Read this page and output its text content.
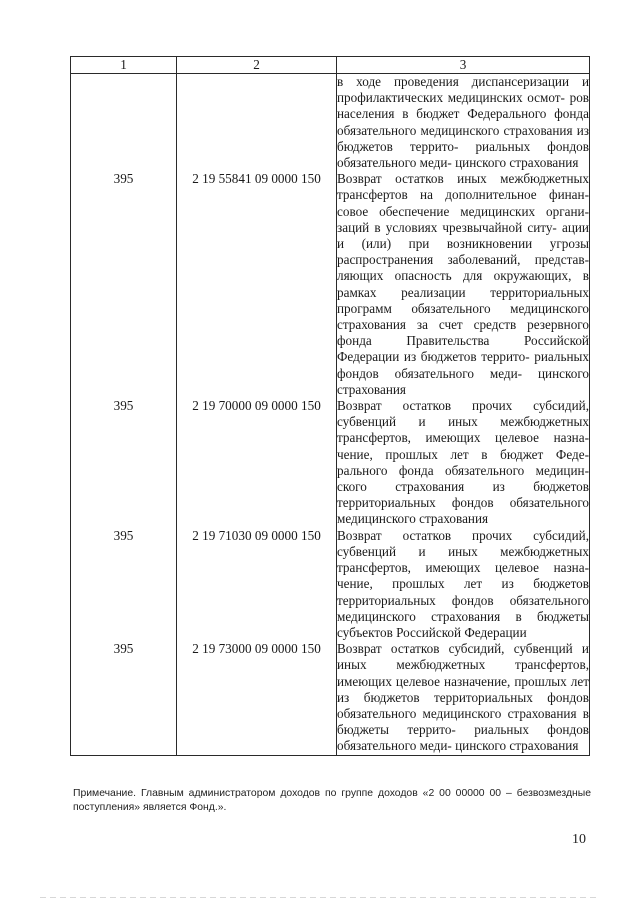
1	2	3
		в ходе проведения диспансеризации и профилактических медицинских осмот- ров населения в бюджет Федерального фонда обязательного медицинского страхования из бюджетов террито- риальных фондов обязательного меди- цинского страхования
395	2 19 55841 09 0000 150	Возврат остатков иных межбюджетных трансфертов на дополнительное финан- совое обеспечение медицинских органи- заций в условиях чрезвычайной ситу- ации и (или) при возникновении угрозы распространения заболеваний, представ- ляющих опасность для окружающих, в рамках реализации территориальных программ обязательного медицинского страхования за счет средств резервного фонда Правительства Российской Федерации из бюджетов террито- риальных фондов обязательного меди- цинского страхования
395	2 19 70000 09 0000 150	Возврат остатков прочих субсидий, субвенций и иных межбюджетных трансфертов, имеющих целевое назна- чение, прошлых лет в бюджет Феде- рального фонда обязательного медицин- ского страхования из бюджетов территориальных фондов обязательного медицинского страхования
395	2 19 71030 09 0000 150	Возврат остатков прочих субсидий, субвенций и иных межбюджетных трансфертов, имеющих целевое назна- чение, прошлых лет из бюджетов территориальных фондов обязательного медицинского страхования в бюджеты субъектов Российской Федерации
395	2 19 73000 09 0000 150	Возврат остатков субсидий, субвенций и иных межбюджетных трансфертов, имеющих целевое назначение, прошлых лет из бюджетов территориальных фондов обязательного медицинского страхования в бюджеты террито- риальных фондов обязательного меди- цинского страхования
Примечание. Главным администратором доходов по группе доходов «2 00 00000 00 – безвозмездные поступления» является Фонд.».
10
